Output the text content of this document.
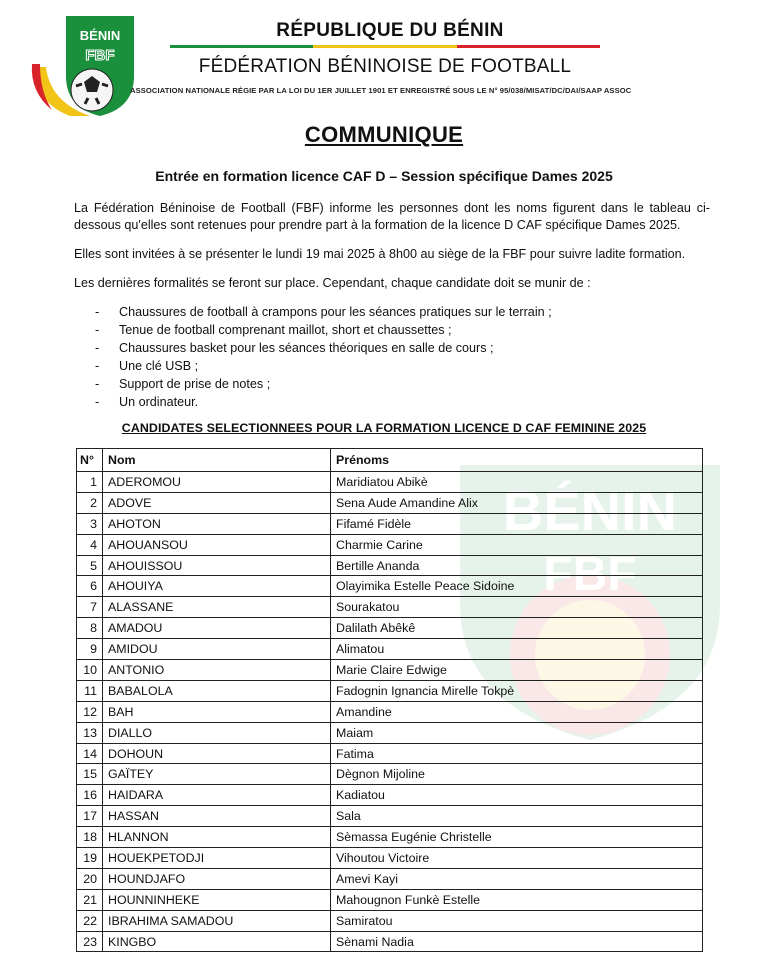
BÉNIN
FBF
BÉNIN
FBF
RÉPUBLIQUE DU BÉNIN
FÉDÉRATION BÉNINOISE DE FOOTBALL
ASSOCIATION NATIONALE RÉGIE PAR LA LOI DU 1ER JUILLET 1901 ET ENREGISTRÉ SOUS LE N° 95/038/MISAT/DC/DAI/SAAP ASSOC
COMMUNIQUE
Entrée en formation licence CAF D – Session spécifique Dames 2025
La Fédération Béninoise de Football (FBF) informe les personnes dont les noms figurent dans le tableau ci-dessous qu'elles sont retenues pour prendre part à la formation de la licence D CAF spécifique Dames 2025.
Elles sont invitées à se présenter le lundi 19 mai 2025 à 8h00 au siège de la FBF pour suivre ladite formation.
Les dernières formalités se feront sur place. Cependant, chaque candidate doit se munir de :
-	Chaussures de football à crampons pour les séances pratiques sur le terrain ;
-	Tenue de football comprenant maillot, short et chaussettes ;
-	Chaussures basket pour les séances théoriques en salle de cours ;
-	Une clé USB ;
-	Support de prise de notes ;
-	Un ordinateur.
CANDIDATES SELECTIONNEES POUR LA FORMATION LICENCE D CAF FEMININE 2025
N°	Nom	Prénoms
1	ADEROMOU	Maridiatou Abikè
2	ADOVE	Sena Aude Amandine Alix
3	AHOTON	Fifamé Fidèle
4	AHOUANSOU	Charmie Carine
5	AHOUISSOU	Bertille Ananda
6	AHOUIYA	Olayimika Estelle Peace Sidoine
7	ALASSANE	Sourakatou
8	AMADOU	Dalilath Abêkê
9	AMIDOU	Alimatou
10	ANTONIO	Marie Claire Edwige
11	BABALOLA	Fadognin Ignancia Mirelle Tokpè
12	BAH	Amandine
13	DIALLO	Maiam
14	DOHOUN	Fatima
15	GAÏTEY	Dègnon Mijoline
16	HAIDARA	Kadiatou
17	HASSAN	Sala
18	HLANNON	Sèmassa Eugénie Christelle
19	HOUEKPETODJI	Vihoutou Victoire
20	HOUNDJAFO	Amevi Kayi
21	HOUNNINHEKE	Mahougnon Funkè Estelle
22	IBRAHIMA SAMADOU	Samiratou
23	KINGBO	Sènami Nadia
